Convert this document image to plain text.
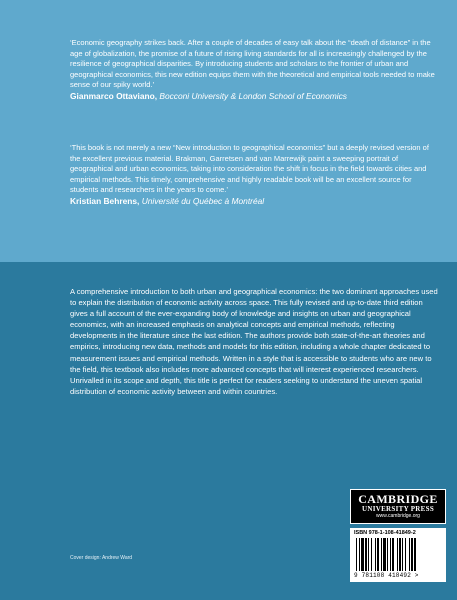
‘Economic geography strikes back. After a couple of decades of easy talk about the “death of distance” in the age of globalization, the promise of a future of rising living standards for all is increasingly challenged by the resilience of geographical disparities. By introducing students and scholars to the frontier of urban and geographical economics, this new edition equips them with the theoretical and empirical tools needed to make sense of our spiky world.’

Gianmarco Ottaviano, Bocconi University & London School of Economics

‘This book is not merely a new “New introduction to geographical economics” but a deeply revised version of the excellent previous material. Brakman, Garretsen and van Marrewijk paint a sweeping portrait of geographical and urban economics, taking into consideration the shift in focus in the field towards cities and empirical methods. This timely, comprehensive and highly readable book will be an excellent source for students and researchers in the years to come.’

Kristian Behrens, Université du Québec à Montréal

A comprehensive introduction to both urban and geographical economics: the two dominant approaches used to explain the distribution of economic activity across space. This fully revised and up-to-date third edition gives a full account of the ever-expanding body of knowledge and insights on urban and geographical economics, with an increased emphasis on analytical concepts and empirical methods, reflecting developments in the literature since the last edition. The authors provide both state-of-the-art theories and empirics, introducing new data, methods and models for this edition, including a whole chapter dedicated to measurement issues and empirical methods. Written in a style that is accessible to students who are new to the field, this textbook also includes more advanced concepts that will interest experienced researchers. Unrivalled in its scope and depth, this title is perfect for readers seeking to understand the uneven spatial distribution of economic activity between and within countries.

Cover design: Andrew Ward
CAMBRIDGE
UNIVERSITY PRESS
www.cambridge.org
ISBN 978-1-108-41849-2
9 781108 418492 >
